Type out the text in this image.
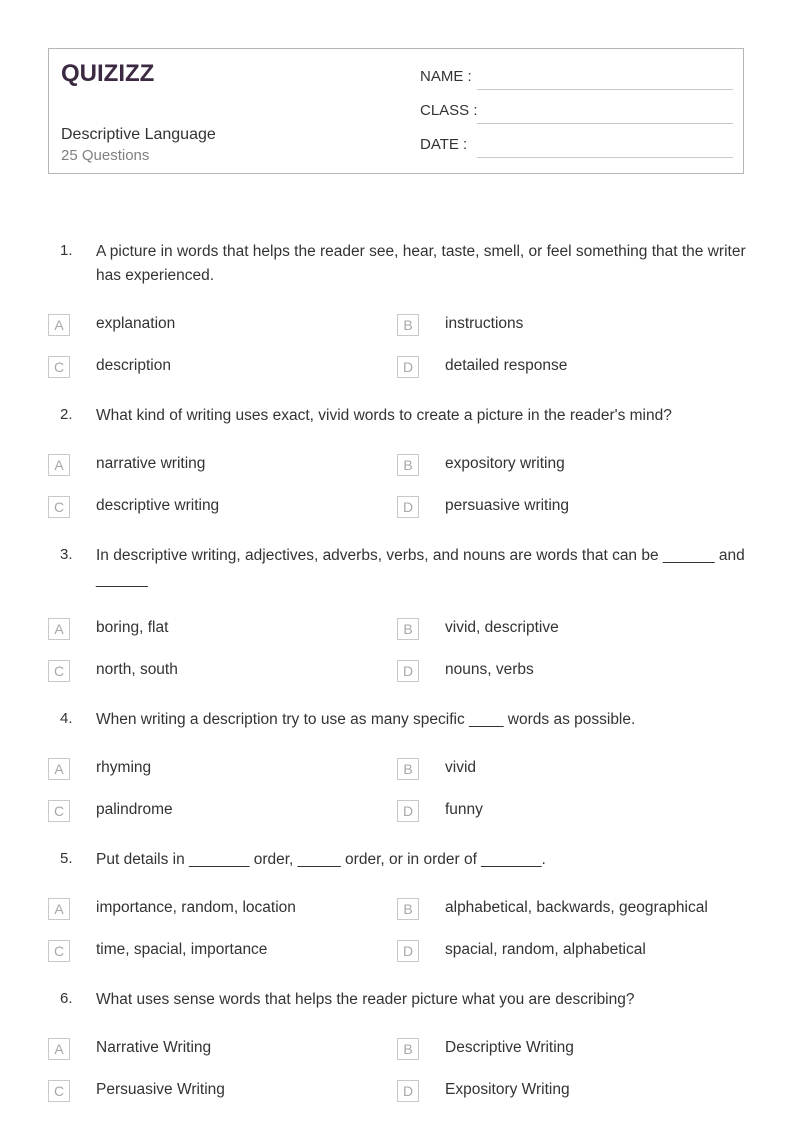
QUIZIZZ
Descriptive Language
25 Questions
NAME :
CLASS :
DATE :
1. A picture in words that helps the reader see, hear, taste, smell, or feel something that the writer has experienced.
A	explanation	B	instructions
C	description	D	detailed response
2. What kind of writing uses exact, vivid words to create a picture in the reader's mind?
A	narrative writing	B	expository writing
C	descriptive writing	D	persuasive writing
3. In descriptive writing, adjectives, adverbs, verbs, and nouns are words that can be ______ and ______
A	boring, flat	B	vivid, descriptive
C	north, south	D	nouns, verbs
4. When writing a description try to use as many specific ____ words as possible.
A	rhyming	B	vivid
C	palindrome	D	funny
5. Put details in _______ order, _____ order, or in order of _______.
A	importance, random, location	B	alphabetical, backwards, geographical
C	time, spacial, importance	D	spacial, random, alphabetical
6. What uses sense words that helps the reader picture what you are describing?
A	Narrative Writing	B	Descriptive Writing
C	Persuasive Writing	D	Expository Writing
